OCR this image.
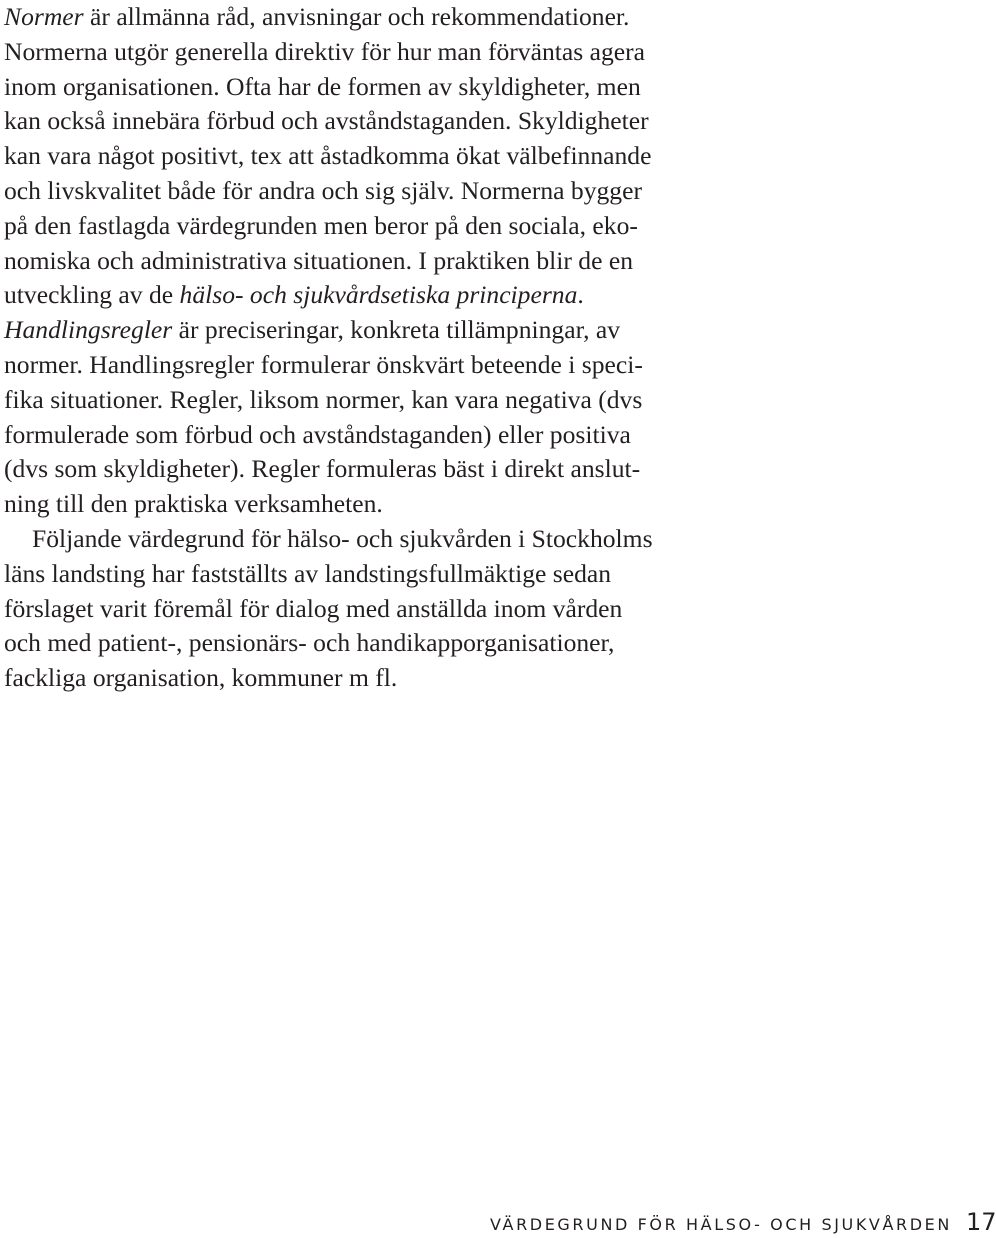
Normer är allmänna råd, anvisningar och rekommendationer.
Normerna utgör generella direktiv för hur man förväntas agera
inom organisationen. Ofta har de formen av skyldigheter, men
kan också innebära förbud och avståndstaganden. Skyldigheter
kan vara något positivt, tex att åstadkomma ökat välbefinnande
och livskvalitet både för andra och sig själv. Normerna bygger
på den fastlagda värdegrunden men beror på den sociala, eko-
nomiska och administrativa situationen. I praktiken blir de en
utveckling av de hälso- och sjukvårdsetiska principerna.

Handlingsregler är preciseringar, konkreta tillämpningar, av
normer. Handlingsregler formulerar önskvärt beteende i speci-
fika situationer. Regler, liksom normer, kan vara negativa (dvs
formulerade som förbud och avståndstaganden) eller positiva
(dvs som skyldigheter). Regler formuleras bäst i direkt anslut-
ning till den praktiska verksamheten.

Följande värdegrund för hälso- och sjukvården i Stockholms
läns landsting har fastställts av landstingsfullmäktige sedan
förslaget varit föremål för dialog med anställda inom vården
och med patient-, pensionärs- och handikapporganisationer,
fackliga organisation, kommuner m fl.

VÄRDEGRUND FÖR HÄLSO- OCH SJUKVÅRDEN 17
